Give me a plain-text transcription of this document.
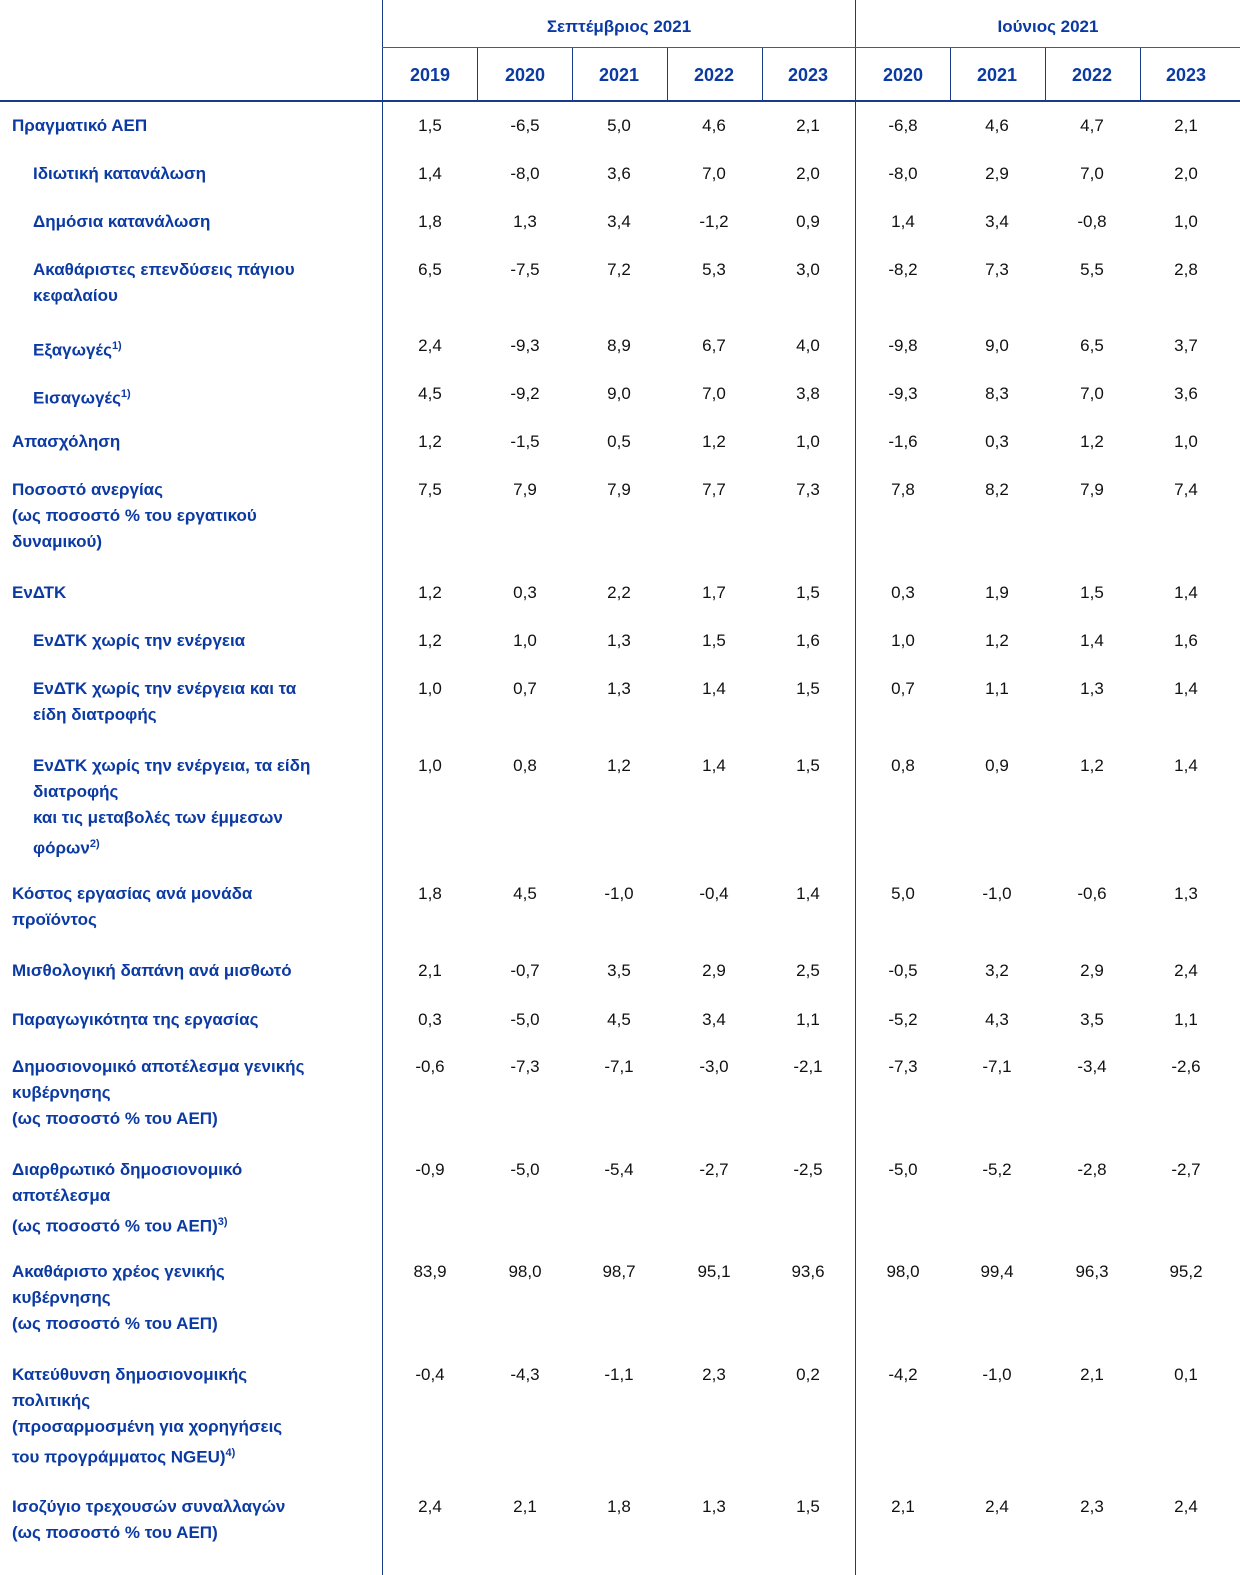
Σεπτέμβριος 2021	Ιούνιος 2021
2019	2020	2021	2022	2023	2020	2021	2022	2023
Πραγματικό ΑΕΠ	1,5	-6,5	5,0	4,6	2,1	-6,8	4,6	4,7	2,1
Ιδιωτική κατανάλωση	1,4	-8,0	3,6	7,0	2,0	-8,0	2,9	7,0	2,0
Δημόσια κατανάλωση	1,8	1,3	3,4	-1,2	0,9	1,4	3,4	-0,8	1,0
Ακαθάριστες επενδύσεις πάγιου
κεφαλαίου
6,5	-7,5	7,2	5,3	3,0	-8,2	7,3	5,5	2,8
Εξαγωγές$^{1)}$	2,4	-9,3	8,9	6,7	4,0	-9,8	9,0	6,5	3,7
Εισαγωγές$^{1)}$	4,5	-9,2	9,0	7,0	3,8	-9,3	8,3	7,0	3,6
Απασχόληση	1,2	-1,5	0,5	1,2	1,0	-1,6	0,3	1,2	1,0
Ποσοστό ανεργίας
(ως ποσοστό % του εργατικού
δυναμικού)
7,5	7,9	7,9	7,7	7,3	7,8	8,2	7,9	7,4
ΕνΔΤΚ	1,2	0,3	2,2	1,7	1,5	0,3	1,9	1,5	1,4
ΕνΔΤΚ χωρίς την ενέργεια	1,2	1,0	1,3	1,5	1,6	1,0	1,2	1,4	1,6
ΕνΔΤΚ χωρίς την ενέργεια και τα
είδη διατροφής
1,0	0,7	1,3	1,4	1,5	0,7	1,1	1,3	1,4
ΕνΔΤΚ χωρίς την ενέργεια, τα είδη
διατροφής
και τις μεταβολές των έμμεσων
φόρων$^{2)}$
1,0	0,8	1,2	1,4	1,5	0,8	0,9	1,2	1,4
Κόστος εργασίας ανά μονάδα
προϊόντος
1,8	4,5	-1,0	-0,4	1,4	5,0	-1,0	-0,6	1,3
Μισθολογική δαπάνη ανά μισθωτό	2,1	-0,7	3,5	2,9	2,5	-0,5	3,2	2,9	2,4
Παραγωγικότητα της εργασίας	0,3	-5,0	4,5	3,4	1,1	-5,2	4,3	3,5	1,1
Δημοσιονομικό αποτέλεσμα γενικής
κυβέρνησης
(ως ποσοστό % του ΑΕΠ)
-0,6	-7,3	-7,1	-3,0	-2,1	-7,3	-7,1	-3,4	-2,6
Διαρθρωτικό δημοσιονομικό
αποτέλεσμα
(ως ποσοστό % του ΑΕΠ)$^{3)}$
-0,9	-5,0	-5,4	-2,7	-2,5	-5,0	-5,2	-2,8	-2,7
Ακαθάριστο χρέος γενικής
κυβέρνησης
(ως ποσοστό % του ΑΕΠ)
83,9	98,0	98,7	95,1	93,6	98,0	99,4	96,3	95,2
Κατεύθυνση δημοσιονομικής
πολιτικής
(προσαρμοσμένη για χορηγήσεις
του προγράμματος NGEU)$^{4)}$
-0,4	-4,3	-1,1	2,3	0,2	-4,2	-1,0	2,1	0,1
Ισοζύγιο τρεχουσών συναλλαγών
(ως ποσοστό % του ΑΕΠ)
2,4	2,1	1,8	1,3	1,5	2,1	2,4	2,3	2,4
